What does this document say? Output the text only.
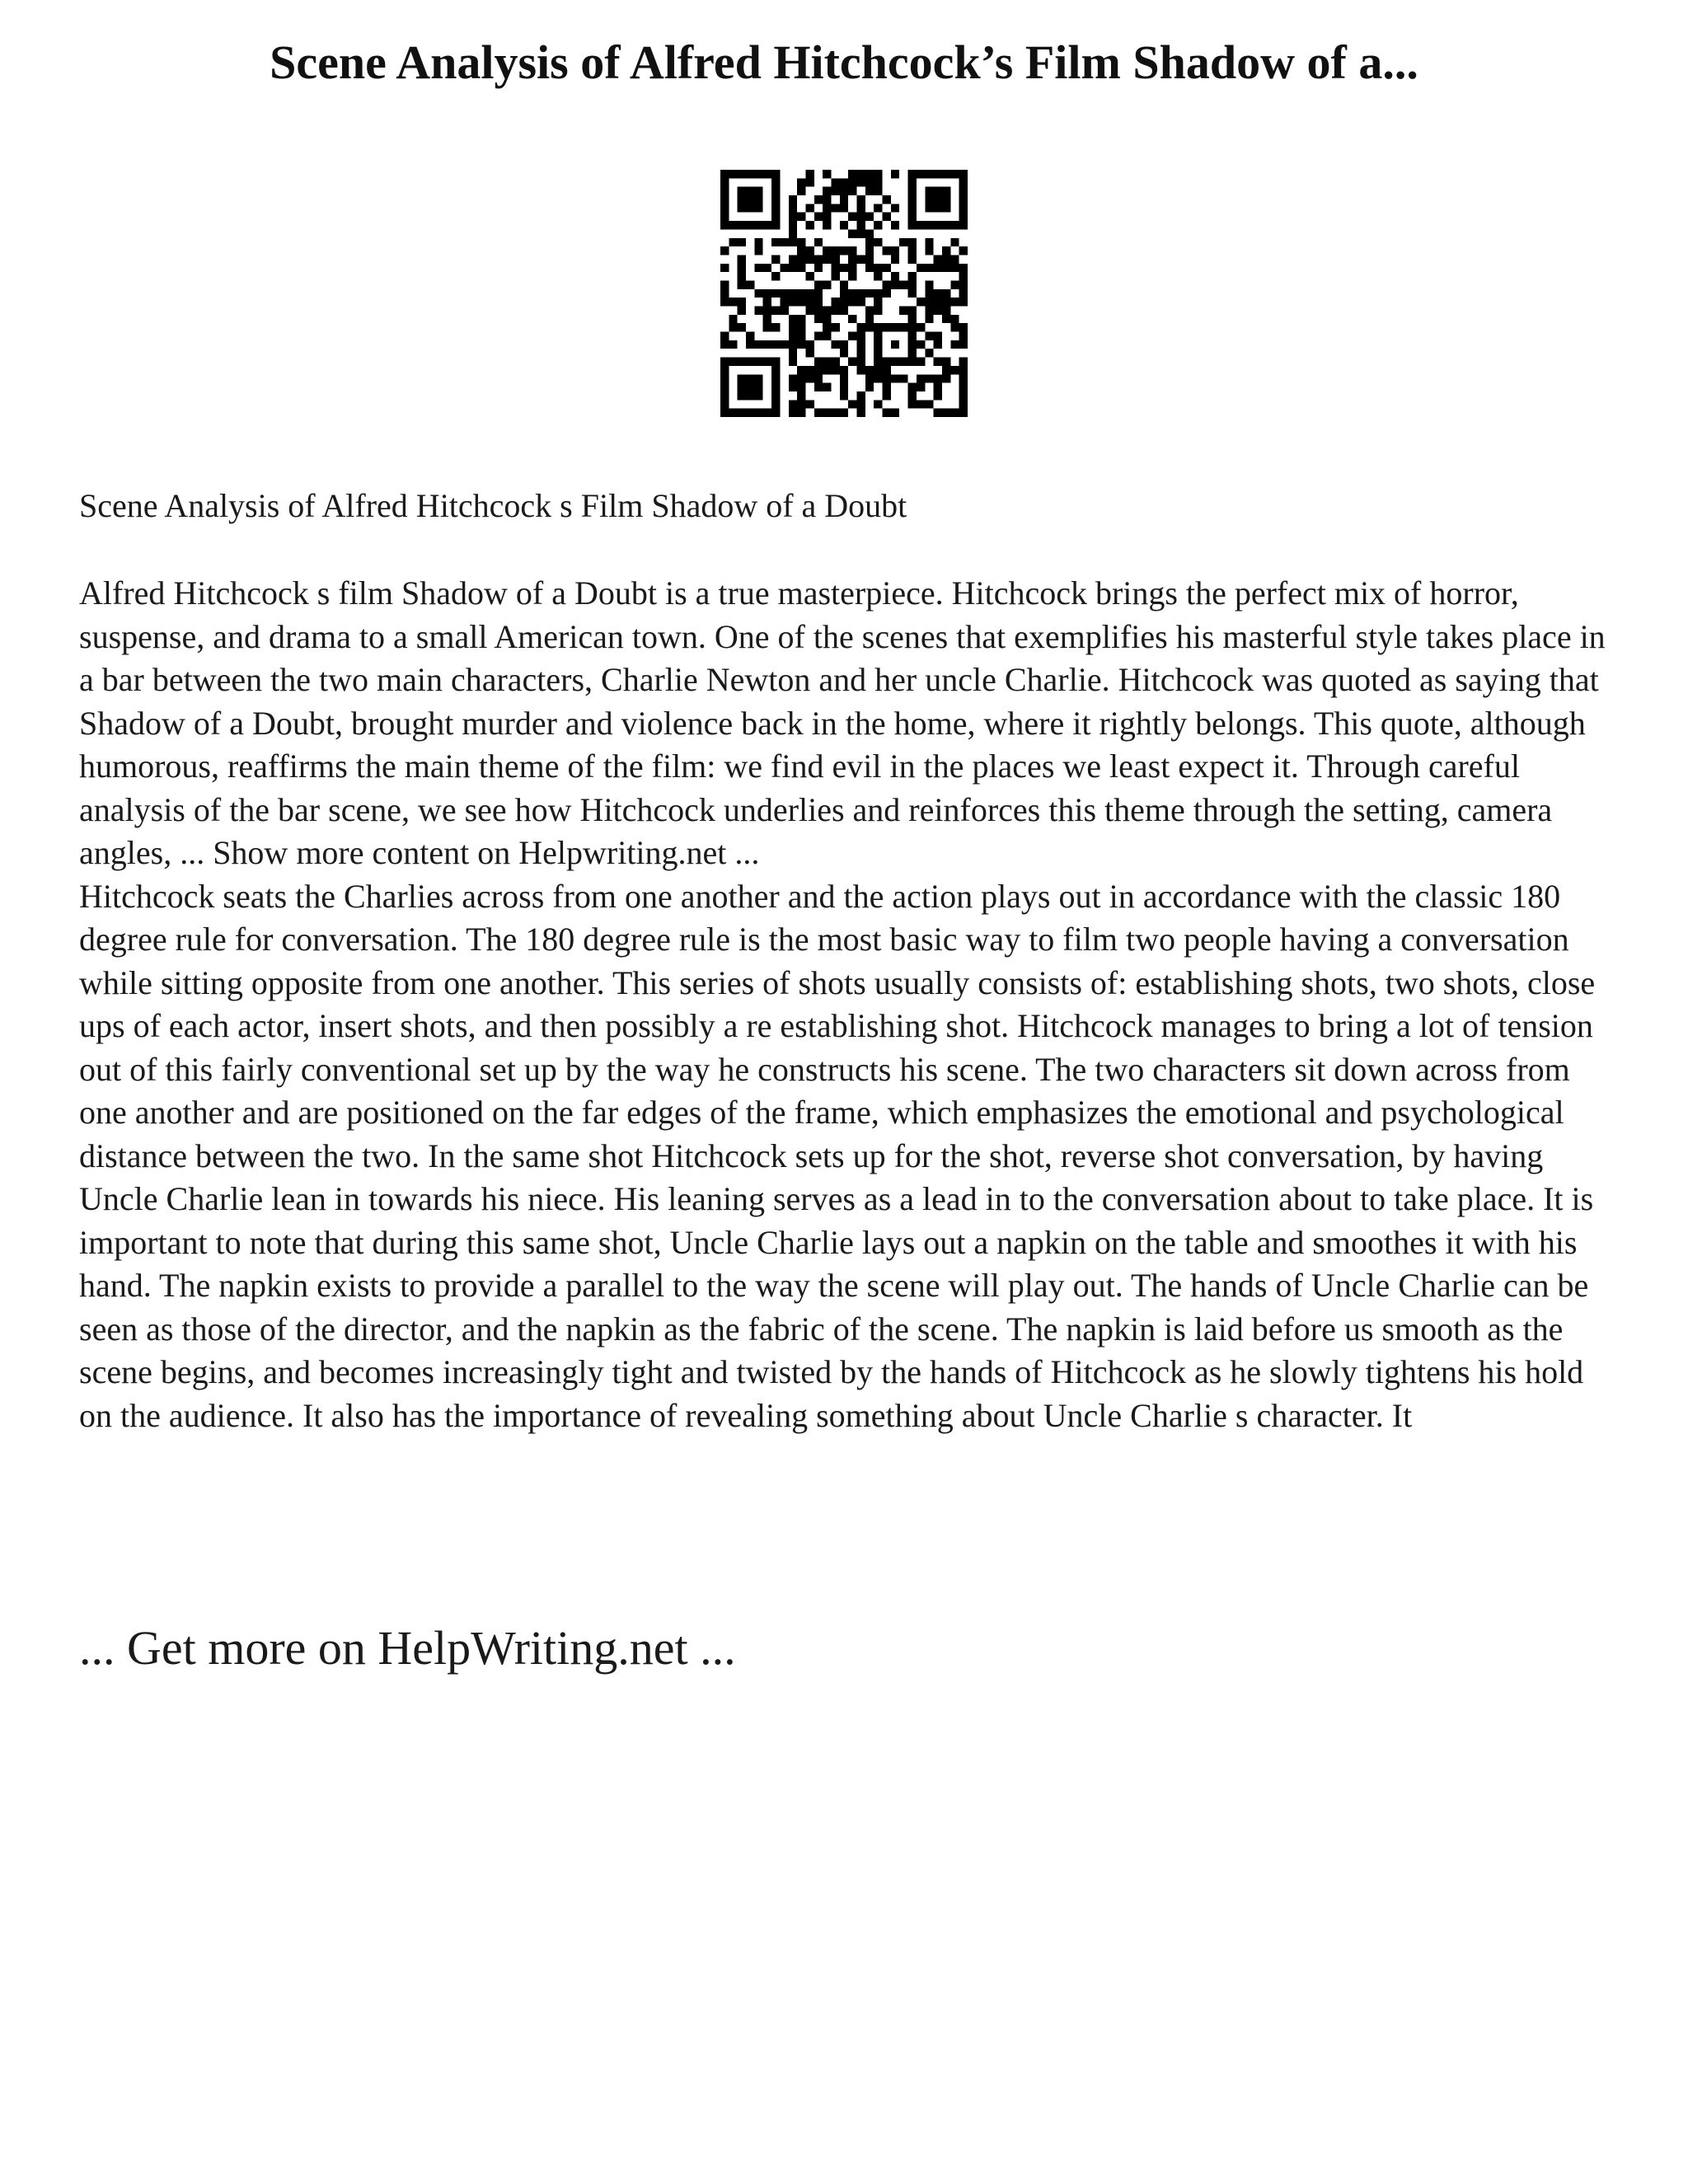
Scene Analysis of Alfred Hitchcock’s Film Shadow of a...

Scene Analysis of Alfred Hitchcock s Film Shadow of a Doubt

Alfred Hitchcock s film Shadow of a Doubt is a true masterpiece. Hitchcock brings the perfect mix of horror, suspense, and drama to a small American town. One of the scenes that exemplifies his masterful style takes place in a bar between the two main characters, Charlie Newton and her uncle Charlie. Hitchcock was quoted as saying that Shadow of a Doubt, brought murder and violence back in the home, where it rightly belongs. This quote, although humorous, reaffirms the main theme of the film: we find evil in the places we least expect it. Through careful analysis of the bar scene, we see how Hitchcock underlies and reinforces this theme through the setting, camera angles, ... Show more content on Helpwriting.net ...

Hitchcock seats the Charlies across from one another and the action plays out in accordance with the classic 180 degree rule for conversation. The 180 degree rule is the most basic way to film two people having a conversation while sitting opposite from one another. This series of shots usually consists of: establishing shots, two shots, close ups of each actor, insert shots, and then possibly a re establishing shot. Hitchcock manages to bring a lot of tension out of this fairly conventional set up by the way he constructs his scene. The two characters sit down across from one another and are positioned on the far edges of the frame, which emphasizes the emotional and psychological distance between the two. In the same shot Hitchcock sets up for the shot, reverse shot conversation, by having Uncle Charlie lean in towards his niece. His leaning serves as a lead in to the conversation about to take place. It is important to note that during this same shot, Uncle Charlie lays out a napkin on the table and smoothes it with his hand. The napkin exists to provide a parallel to the way the scene will play out. The hands of Uncle Charlie can be seen as those of the director, and the napkin as the fabric of the scene. The napkin is laid before us smooth as the scene begins, and becomes increasingly tight and twisted by the hands of Hitchcock as he slowly tightens his hold on the audience. It also has the importance of revealing something about Uncle Charlie s character. It

... Get more on HelpWriting.net ...
